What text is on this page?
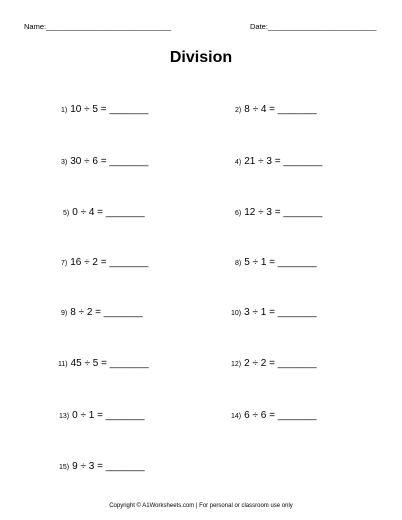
Name:______________________________	Date:__________________________
Division
1) 10 ÷ 5 = _______	2) 8 ÷ 4 = _______
3) 30 ÷ 6 = _______	4) 21 ÷ 3 = _______
5) 0 ÷ 4 = _______	6) 12 ÷ 3 = _______
7) 16 ÷ 2 = _______	8) 5 ÷ 1 = _______
9) 8 ÷ 2 = _______	10) 3 ÷ 1 = _______
11) 45 ÷ 5 = _______	12) 2 ÷ 2 = _______
13) 0 ÷ 1 = _______	14) 6 ÷ 6 = _______
15) 9 ÷ 3 = _______
Copyright © A1Worksheets.com | For personal or classroom use only
